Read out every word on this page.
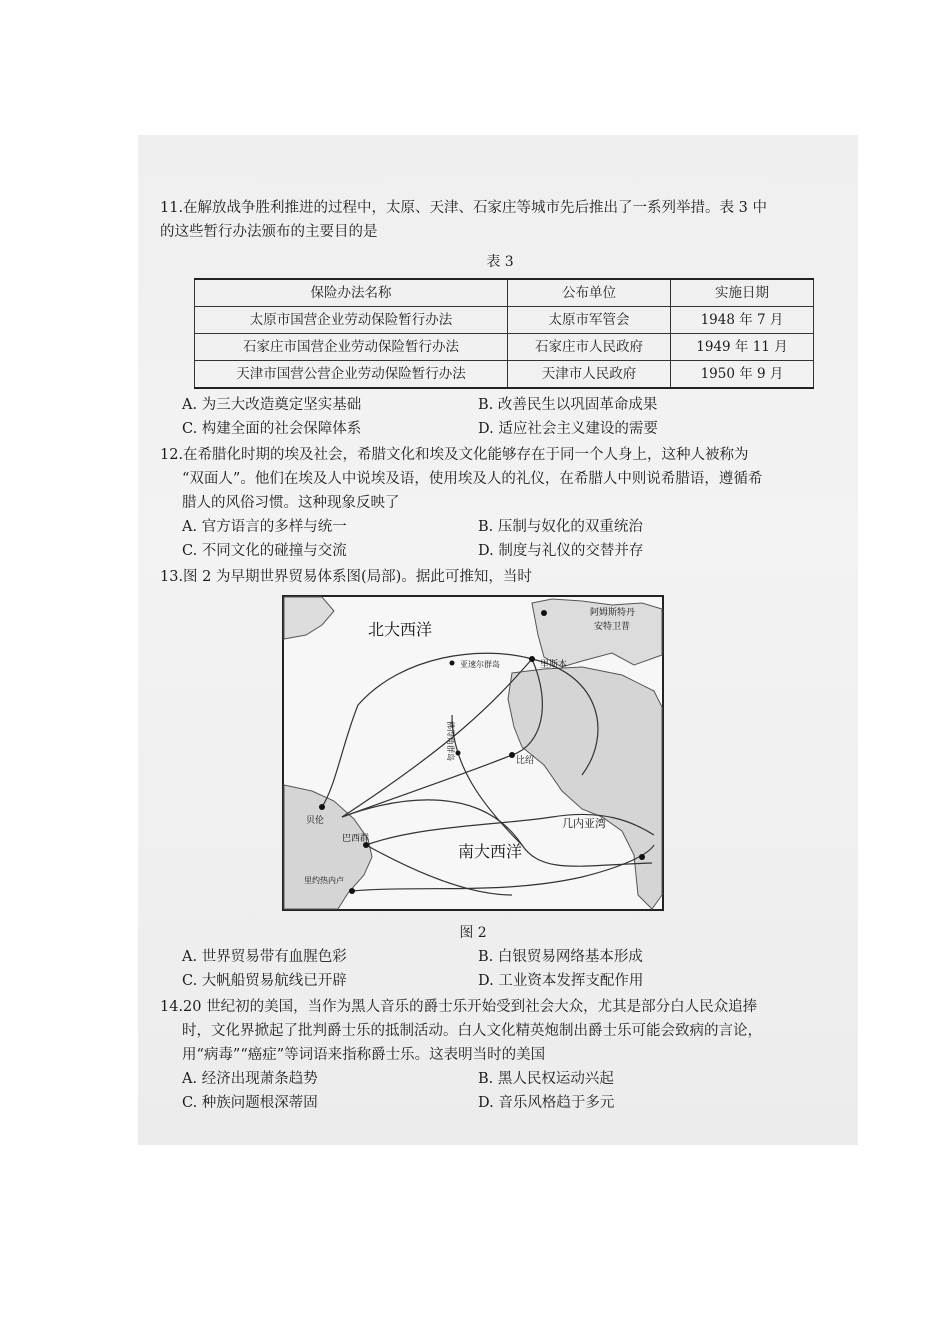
11.在解放战争胜利推进的过程中，太原、天津、石家庄等城市先后推出了一系列举措。表 3 中

的这些暂行办法颁布的主要目的是

表 3
保险办法名称	公布单位	实施日期
太原市国营企业劳动保险暂行办法	太原市军管会	1948 年 7 月
石家庄市国营企业劳动保险暂行办法	石家庄市人民政府	1949 年 11 月
天津市国营公营企业劳动保险暂行办法	天津市人民政府	1950 年 9 月
A. 为三大改造奠定坚实基础	B. 改善民生以巩固革命成果
C. 构建全面的社会保障体系	D. 适应社会主义建设的需要

12.在希腊化时期的埃及社会，希腊文化和埃及文化能够存在于同一个人身上，这种人被称为

“双面人”。他们在埃及人中说埃及语，使用埃及人的礼仪，在希腊人中则说希腊语，遵循希

腊人的风俗习惯。这种现象反映了

A. 官方语言的多样与统一	B. 压制与奴化的双重统治
C. 不同文化的碰撞与交流	D. 制度与礼仪的交替并存

13.图 2 为早期世界贸易体系图(局部)。据此可推知，当时

北大西洋
南大西洋
阿姆斯特丹
安特卫普
里斯本
亚速尔群岛
佛得角群岛	比绍
贝伦
巴西群
里约热内卢
几内亚湾
图 2
A. 世界贸易带有血腥色彩	B. 白银贸易网络基本形成
C. 大帆船贸易航线已开辟	D. 工业资本发挥支配作用

14.20 世纪初的美国，当作为黑人音乐的爵士乐开始受到社会大众，尤其是部分白人民众追捧

时，文化界掀起了批判爵士乐的抵制活动。白人文化精英炮制出爵士乐可能会致病的言论，

用“病毒”“癌症”等词语来指称爵士乐。这表明当时的美国

A. 经济出现萧条趋势	B. 黑人民权运动兴起
C. 种族问题根深蒂固	D. 音乐风格趋于多元
